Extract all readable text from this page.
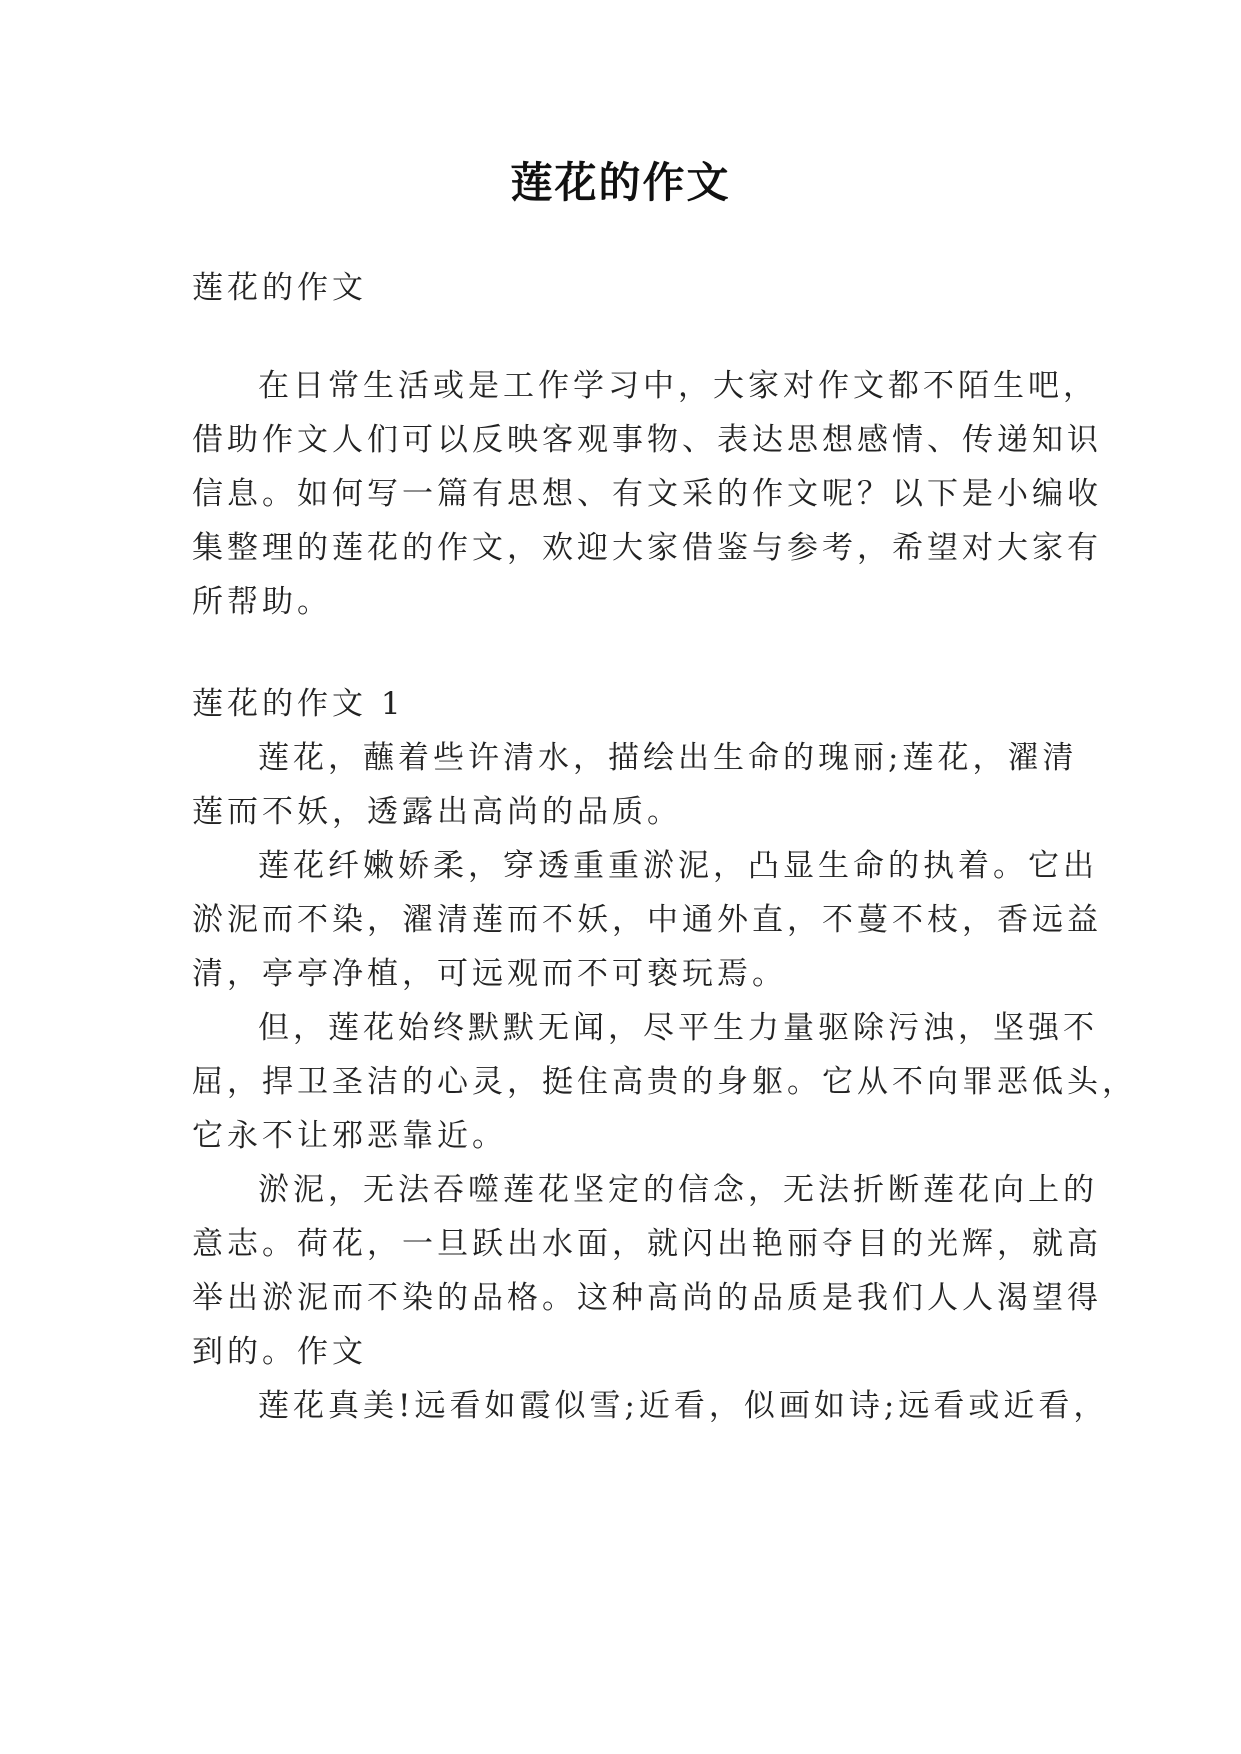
莲花的作文
莲花的作文
在日常生活或是工作学习中，大家对作文都不陌生吧，
借助作文人们可以反映客观事物、表达思想感情、传递知识
信息。如何写一篇有思想、有文采的作文呢？以下是小编收
集整理的莲花的作文，欢迎大家借鉴与参考，希望对大家有
所帮助。
莲花的作文 1
莲花，蘸着些许清水，描绘出生命的瑰丽;莲花，濯清
莲而不妖，透露出高尚的品质。
莲花纤嫩娇柔，穿透重重淤泥，凸显生命的执着。它出
淤泥而不染，濯清莲而不妖，中通外直，不蔓不枝，香远益
清，亭亭净植，可远观而不可亵玩焉。
但，莲花始终默默无闻，尽平生力量驱除污浊，坚强不
屈，捍卫圣洁的心灵，挺住高贵的身躯。它从不向罪恶低头，
它永不让邪恶靠近。
淤泥，无法吞噬莲花坚定的信念，无法折断莲花向上的
意志。荷花，一旦跃出水面，就闪出艳丽夺目的光辉，就高
举出淤泥而不染的品格。这种高尚的品质是我们人人渴望得
到的。作文
莲花真美!远看如霞似雪;近看，似画如诗;远看或近看，
